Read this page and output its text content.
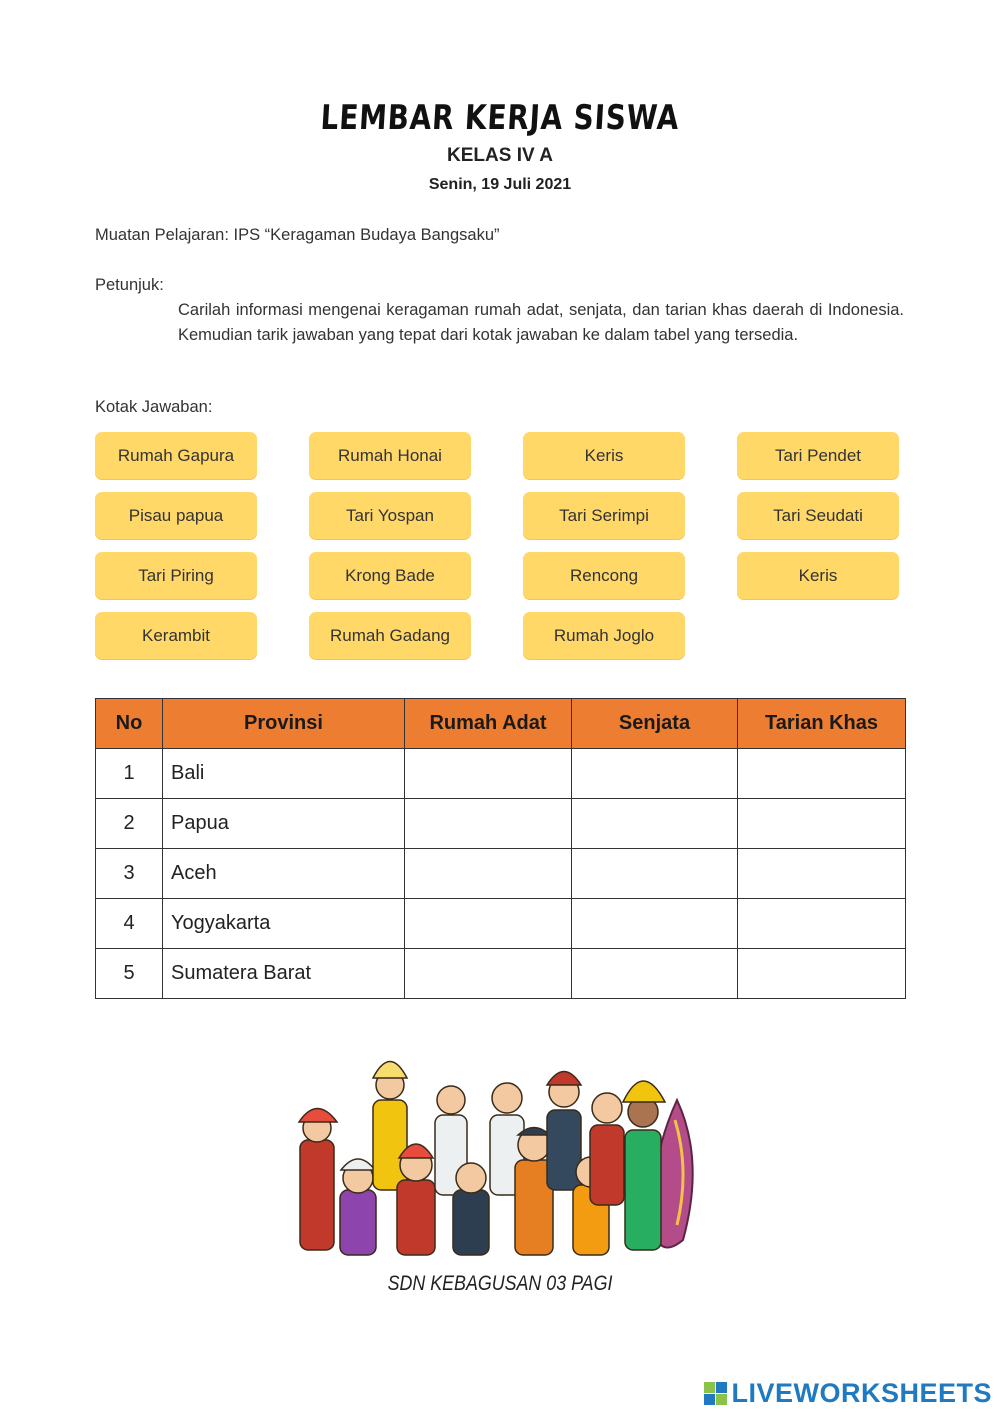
LEMBAR KERJA SISWA
KELAS IV A
Senin, 19 Juli 2021
Muatan Pelajaran: IPS “Keragaman Budaya Bangsaku”
Petunjuk:
Carilah informasi mengenai keragaman rumah adat, senjata, dan tarian khas daerah di Indonesia. Kemudian tarik jawaban yang tepat dari kotak jawaban ke dalam tabel yang tersedia.
Kotak Jawaban:
Rumah Gapura	Rumah Honai	Keris	Tari Pendet
Pisau papua	Tari Yospan	Tari Serimpi	Tari Seudati
Tari Piring	Krong Bade	Rencong	Keris
Kerambit	Rumah Gadang	Rumah Joglo
No	Provinsi	Rumah Adat	Senjata	Tarian Khas
1	Bali			
2	Papua			
3	Aceh			
4	Yogyakarta			
5	Sumatera Barat			
SDN KEBAGUSAN 03 PAGI
LIVEWORKSHEETS
